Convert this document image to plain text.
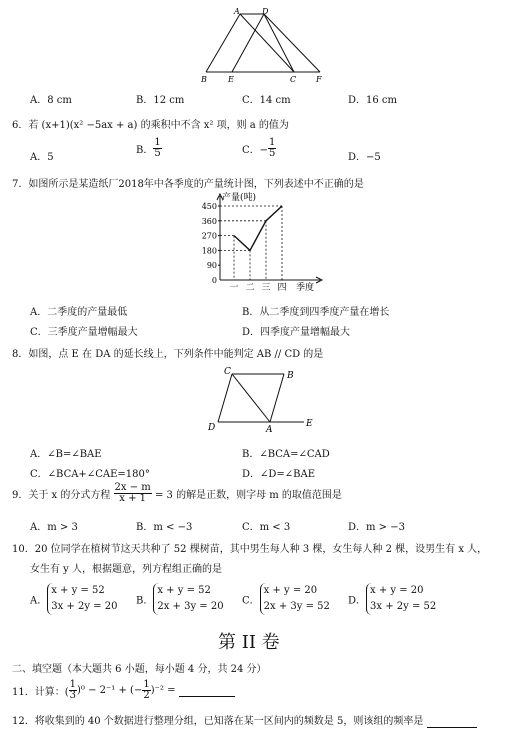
A	D
B	E	C F
A．8 cm	B．12 cm	C．14 cm	D．16 cm
6．若 (x+1)(x² −5ax + a) 的乘积中不含 x² 项，则 a 的值为
A．5
B． $\frac{1}{5}$	C．− $\frac{1}{5}$	D．−5
7．如图所示是某造纸厂2018年中各季度的产量统计图，下列表述中不正确的是
产量(吨)
0
90
180
270
360
450
一 二 三 四 季度
A．二季度的产量最低	B．从二季度到四季度产量在增长
C．三季度产量增幅最大	D．四季度产量增幅最大
8．如图，点 E 在 DA 的延长线上，下列条件中能判定 AB // CD 的是
C	B
D	A
E
A．∠B=∠BAE	B．∠BCA=∠CAD
C．∠BCA+∠CAE=180°	D．∠D=∠BAE
9．关于 x 的分式方程 $\frac{2x - m}{x + 1} = 3$ 的解是正数，则字母 m 的取值范围是
A．m > 3	B．m < −3	C．m < 3	D．m > −3
10．20 位同学在植树节这天共种了 52 棵树苗，其中男生每人种 3 棵，女生每人种 2 棵，设男生有 x 人，
女生有 y 人，根据题意，列方程组正确的是
A．x + y = 52
3x + 2y = 20 B．x + y = 52
2x + 3y = 20 C．x + y = 20
2x + 3y = 52 D．x + y = 20
3x + 2y = 52
第 II 卷
二、填空题（本大题共 6 小题，每小题 4 分，共 24 分）
11．计算：( $\frac{1}{3} )^0 - 2^{-1}$ + (− $\frac{1}{2} )^{-2}$ =
12．将收集到的 40 个数据进行整理分组，已知落在某一区间内的频数是 5，则该组的频率是
